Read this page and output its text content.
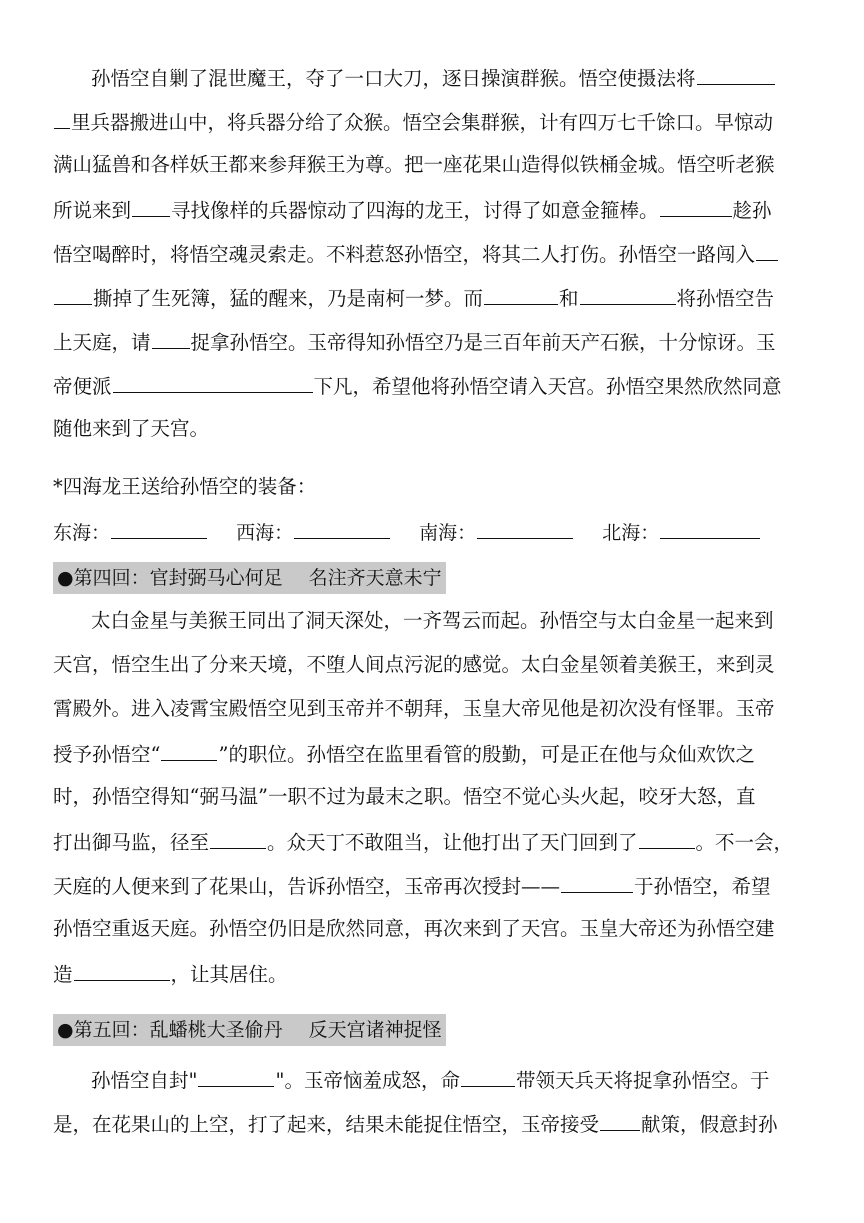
孙悟空自剿了混世魔王，夺了一口大刀，逐日操演群猴。悟空使摄法将
里兵器搬进山中，将兵器分给了众猴。悟空会集群猴，计有四万七千馀口。早惊动
满山猛兽和各样妖王都来参拜猴王为尊。把一座花果山造得似铁桶金城。悟空听老猴
所说来到 寻找像样的兵器惊动了四海的龙王，讨得了如意金箍棒。	趁孙
悟空喝醉时，将悟空魂灵索走。不料惹怒孙悟空，将其二人打伤。孙悟空一路闯入
撕掉了生死簿，猛的醒来，乃是南柯一梦。而	和	将孙悟空告
上天庭，请 捉拿孙悟空。玉帝得知孙悟空乃是三百年前天产石猴，十分惊讶。玉
帝便派	下凡，希望他将孙悟空请入天宫。孙悟空果然欣然同意
随他来到了天宫。
*四海龙王送给孙悟空的装备：
东海：	西海：	南海：	北海：
●第四回：官封弼马心何足 名注齐天意未宁
太白金星与美猴王同出了洞天深处，一齐驾云而起。孙悟空与太白金星一起来到
天宫，悟空生出了分来天境，不堕人间点污泥的感觉。太白金星领着美猴王，来到灵
霄殿外。进入凌霄宝殿悟空见到玉帝并不朝拜，玉皇大帝见他是初次没有怪罪。玉帝
授予孙悟空“	”的职位。孙悟空在监里看管的殷勤，可是正在他与众仙欢饮之
时，孙悟空得知“弼马温”一职不过为最末之职。悟空不觉心头火起，咬牙大怒，直
打出御马监，径至	。众天丁不敢阻当，让他打出了天门回到了	。不一会，
天庭的人便来到了花果山，告诉孙悟空，玉帝再次授封——	于孙悟空，希望
孙悟空重返天庭。孙悟空仍旧是欣然同意，再次来到了天宫。玉皇大帝还为孙悟空建
造	，让其居住。
●第五回：乱蟠桃大圣偷丹 反天宫诸神捉怪
孙悟空自封"	"。玉帝恼羞成怒，命	带领天兵天将捉拿孙悟空。于
是，在花果山的上空，打了起来，结果未能捉住悟空，玉帝接受 献策，假意封孙
